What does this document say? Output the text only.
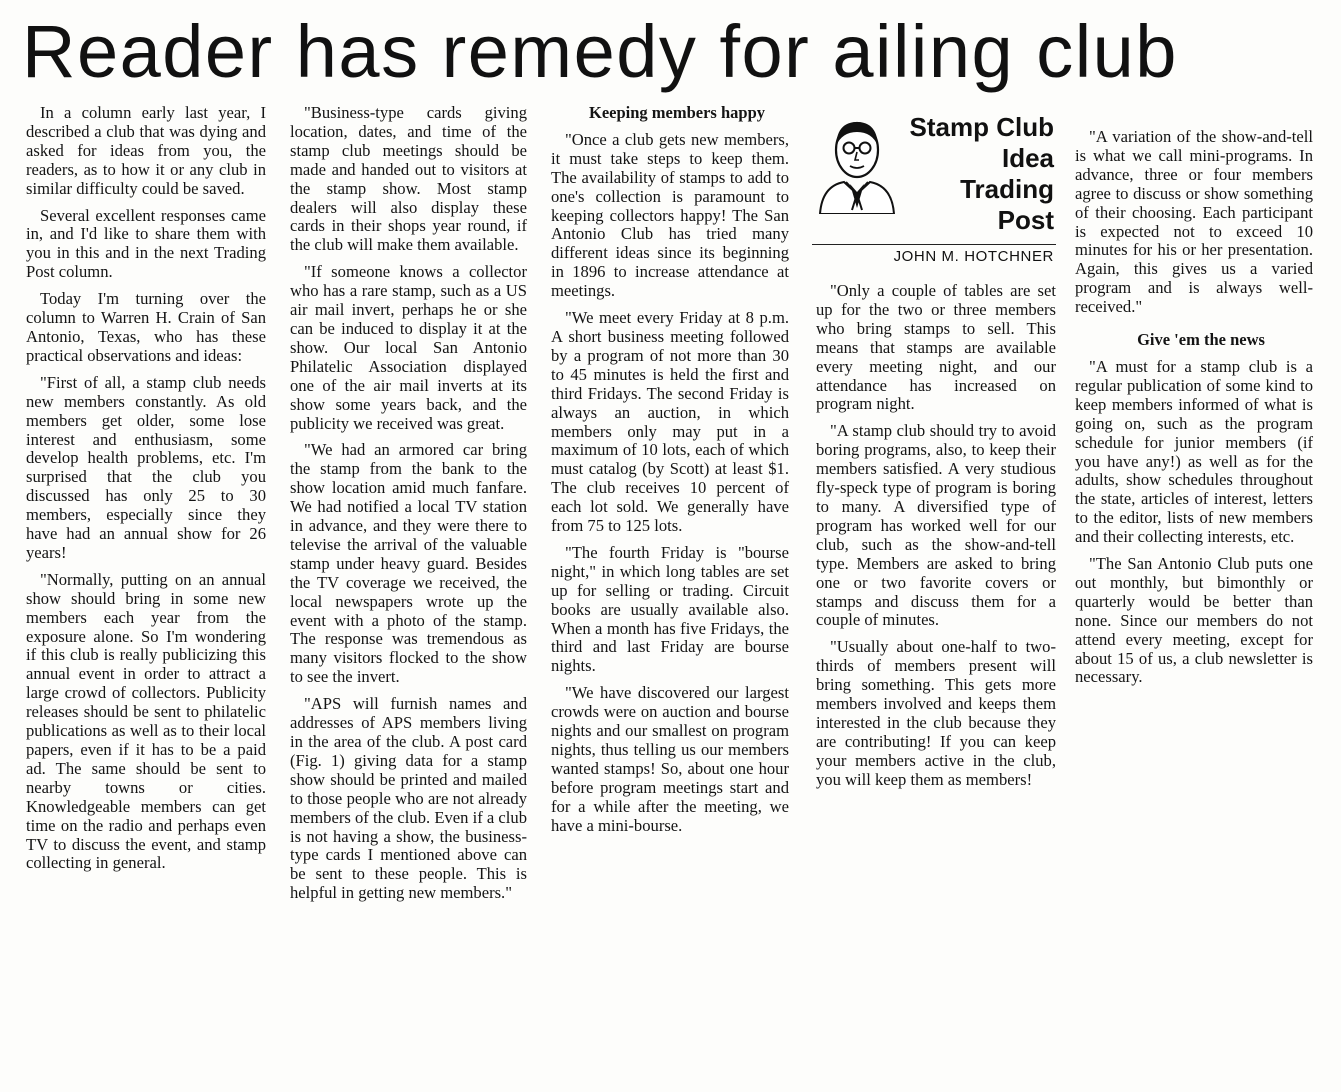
Reader has remedy for ailing club

In a column early last year, I described a club that was dying and asked for ideas from you, the readers, as to how it or any club in similar difficulty could be saved.

Several excellent responses came in, and I'd like to share them with you in this and in the next Trading Post column.

Today I'm turning over the column to Warren H. Crain of San Antonio, Texas, who has these practical observations and ideas:

"First of all, a stamp club needs new members constantly. As old members get older, some lose interest and enthusiasm, some develop health problems, etc. I'm surprised that the club you discussed has only 25 to 30 members, especially since they have had an annual show for 26 years!

"Normally, putting on an annual show should bring in some new members each year from the exposure alone. So I'm wondering if this club is really publicizing this annual event in order to attract a large crowd of collectors. Publicity releases should be sent to philatelic publications as well as to their local papers, even if it has to be a paid ad. The same should be sent to nearby towns or cities. Knowledgeable members can get time on the radio and perhaps even TV to discuss the event, and stamp collecting in general.

"Business-type cards giving location, dates, and time of the stamp club meetings should be made and handed out to visitors at the stamp show. Most stamp dealers will also display these cards in their shops year round, if the club will make them available.

"If someone knows a collector who has a rare stamp, such as a US air mail invert, perhaps he or she can be induced to display it at the show. Our local San Antonio Philatelic Association displayed one of the air mail inverts at its show some years back, and the publicity we received was great.

"We had an armored car bring the stamp from the bank to the show location amid much fanfare. We had notified a local TV station in advance, and they were there to televise the arrival of the valuable stamp under heavy guard. Besides the TV coverage we received, the local newspapers wrote up the event with a photo of the stamp. The response was tremendous as many visitors flocked to the show to see the invert.

"APS will furnish names and addresses of APS members living in the area of the club. A post card (Fig. 1) giving data for a stamp show should be printed and mailed to those people who are not already members of the club. Even if a club is not having a show, the business-type cards I mentioned above can be sent to these people. This is helpful in getting new members."

Keeping members happy

"Once a club gets new members, it must take steps to keep them. The availability of stamps to add to one's collection is paramount to keeping collectors happy! The San Antonio Club has tried many different ideas since its beginning in 1896 to increase attendance at meetings.

"We meet every Friday at 8 p.m. A short business meeting followed by a program of not more than 30 to 45 minutes is held the first and third Fridays. The second Friday is always an auction, in which members only may put in a maximum of 10 lots, each of which must catalog (by Scott) at least $1. The club receives 10 percent of each lot sold. We generally have from 75 to 125 lots.

"The fourth Friday is "bourse night," in which long tables are set up for selling or trading. Circuit books are usually available also. When a month has five Fridays, the third and last Friday are bourse nights.

"We have discovered our largest crowds were on auction and bourse nights and our smallest on program nights, thus telling us our members wanted stamps! So, about one hour before program meetings start and for a while after the meeting, we have a mini-bourse.

Stamp Club
Idea
Trading
Post
JOHN M. HOTCHNER

"Only a couple of tables are set up for the two or three members who bring stamps to sell. This means that stamps are available every meeting night, and our attendance has increased on program night.

"A stamp club should try to avoid boring programs, also, to keep their members satisfied. A very studious fly-speck type of program is boring to many. A diversified type of program has worked well for our club, such as the show-and-tell type. Members are asked to bring one or two favorite covers or stamps and discuss them for a couple of minutes.

"Usually about one-half to two-thirds of members present will bring something. This gets more members involved and keeps them interested in the club because they are contributing! If you can keep your members active in the club, you will keep them as members!

"A variation of the show-and-tell is what we call mini-programs. In advance, three or four members agree to discuss or show something of their choosing. Each participant is expected not to exceed 10 minutes for his or her presentation. Again, this gives us a varied program and is always well-received."

Give 'em the news

"A must for a stamp club is a regular publication of some kind to keep members informed of what is going on, such as the program schedule for junior members (if you have any!) as well as for the adults, show schedules throughout the state, articles of interest, letters to the editor, lists of new members and their collecting interests, etc.

"The San Antonio Club puts one out monthly, but bimonthly or quarterly would be better than none. Since our members do not attend every meeting, except for about 15 of us, a club newsletter is necessary.
